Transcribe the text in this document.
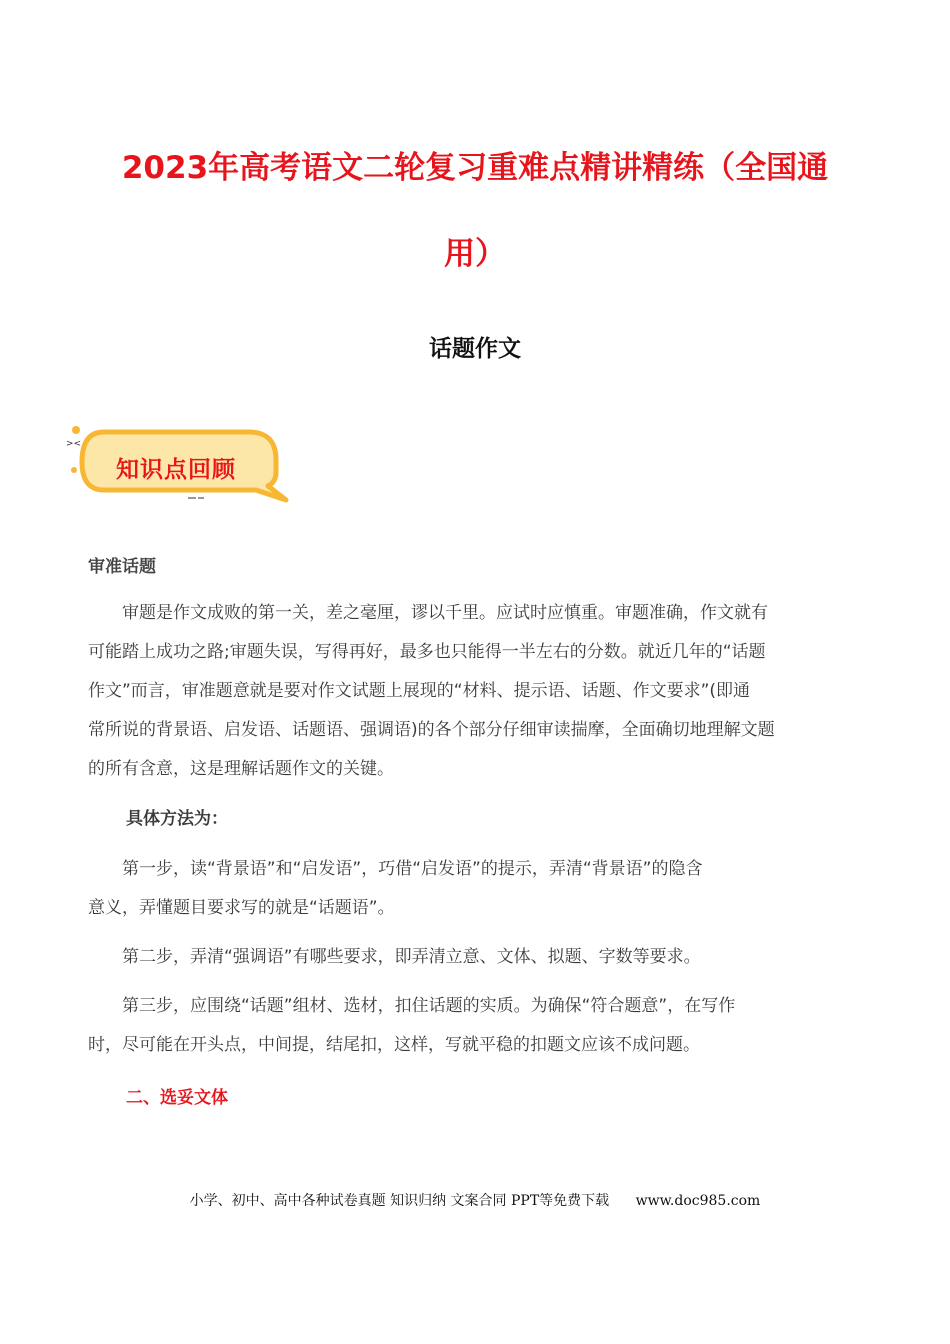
2023年高考语文二轮复习重难点精讲精练（全国通
用）
话题作文
><
知识点回顾
审准话题

　　审题是作文成败的第一关，差之毫厘，谬以千里。应试时应慎重。审题准确，作文就有
可能踏上成功之路;审题失误，写得再好，最多也只能得一半左右的分数。就近几年的“话题
作文”而言，审准题意就是要对作文试题上展现的“材料、提示语、话题、作文要求”(即通
常所说的背景语、启发语、话题语、强调语)的各个部分仔细审读揣摩，全面确切地理解文题
的所有含意，这是理解话题作文的关键。

具体方法为：

　　第一步，读“背景语”和“启发语”，巧借“启发语”的提示，弄清“背景语”的隐含
意义，弄懂题目要求写的就是“话题语”。

　　第二步，弄清“强调语”有哪些要求，即弄清立意、文体、拟题、字数等要求。

　　第三步，应围绕“话题”组材、选材，扣住话题的实质。为确保“符合题意”，在写作
时，尽可能在开头点，中间提，结尾扣，这样，写就平稳的扣题文应该不成问题。

二、选妥文体
小学、初中、高中各种试卷真题 知识归纳 文案合同 PPT等免费下载 www.doc985.com
